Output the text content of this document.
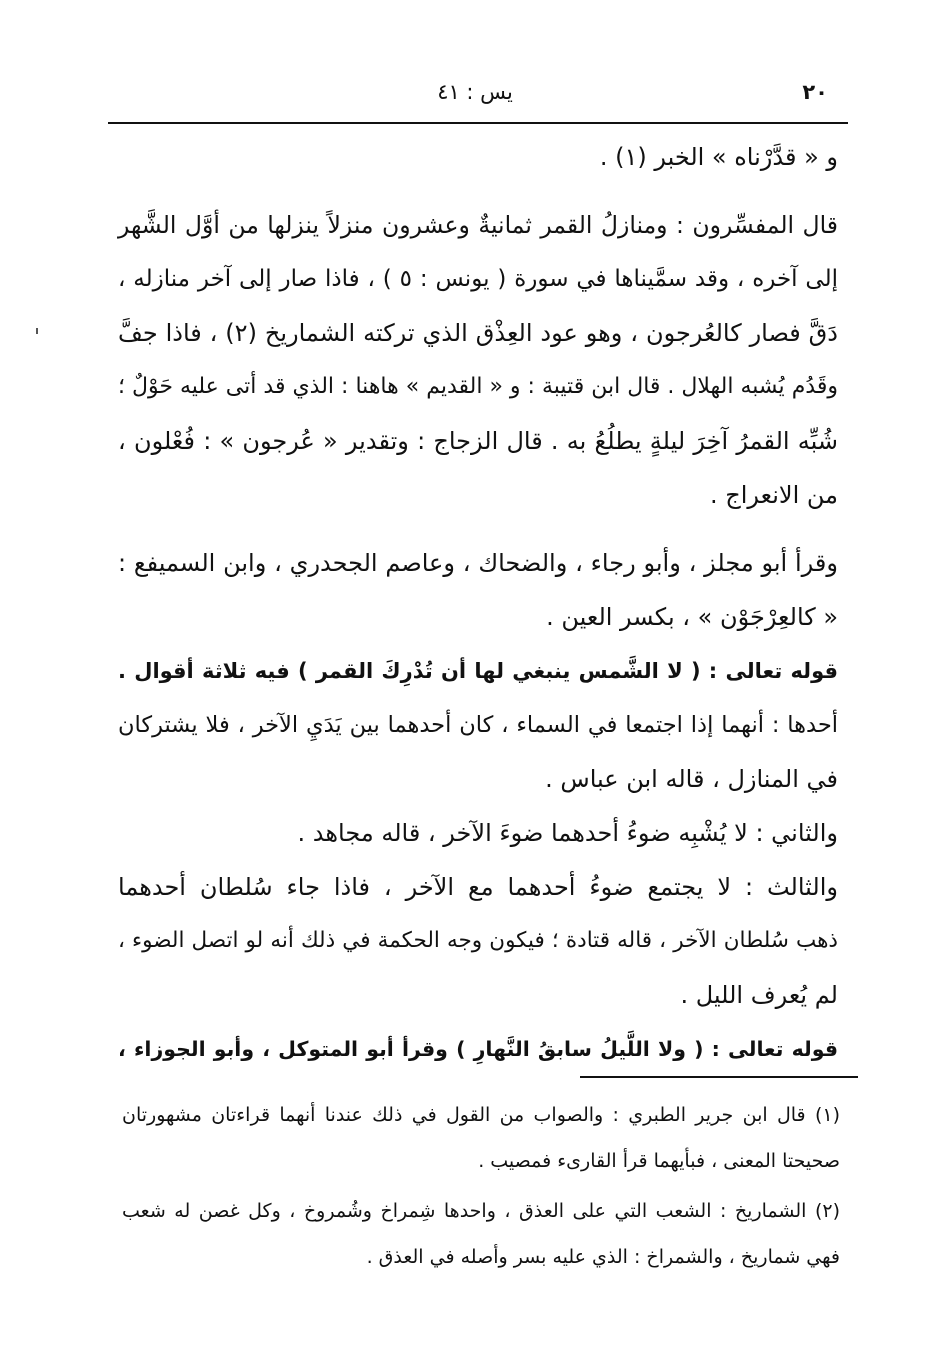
٢٠
يس : ٤١
و « قدَّرْناه » الخبر (١) .
قال المفسِّرون : ومنازلُ القمر ثمانيةٌ وعشرون منزلاً ينزلها من أوَّل الشَّهر
إلى آخره ، وقد سمَّيناها في سورة ( يونس : ٥ ) ، فاذا صار إلى آخر منازله ،
دَقَّ فصار كالعُرجون ، وهو عود العِذْق الذي تركته الشماريخ (٢) ، فاذا جفَّ
وقَدُم يُشبه الهلال . قال ابن قتيبة : و « القديم » هاهنا : الذي قد أتى عليه حَوْلٌ ؛
شُبِّه القمرُ آخِرَ ليلةٍ يطلُعُ به . قال الزجاج : وتقدير « عُرجون » : فُعْلون ،
من الانعراج .
وقرأ أبو مجلز ، وأبو رجاء ، والضحاك ، وعاصم الجحدري ، وابن السميفع :
« كالعِرْجَوْن » ، بكسر العين .
قوله تعالى : ( لا الشَّمس ينبغي لها أن تُدْرِكَ القمر ) فيه ثلاثة أقوال .
أحدها : أنهما إذا اجتمعا في السماء ، كان أحدهما بين يَدَيِ الآخر ، فلا يشتركان
في المنازل ، قاله ابن عباس .
والثاني : لا يُشْبِه ضوءُ أحدهما ضوءَ الآخر ، قاله مجاهد .
والثالث : لا يجتمع ضوءُ أحدهما مع الآخر ، فاذا جاء سُلطان أحدهما
ذهب سُلطان الآخر ، قاله قتادة ؛ فيكون وجه الحكمة في ذلك أنه لو اتصل الضوء ،
لم يُعرف الليل .
قوله تعالى : ( ولا اللَّيلُ سابقُ النَّهارِ ) وقرأ أبو المتوكل ، وأبو الجوزاء ،
(١) قال ابن جرير الطبري : والصواب من القول في ذلك عندنا أنهما قراءتان مشهورتان
صحيحتا المعنى ، فبأيهما قرأ القارىء فمصيب .
(٢) الشماريخ : الشعب التي على العذق ، واحدها شِمراخ وشُمروخ ، وكل غصن له شعب
فهي شماريخ ، والشمراخ : الذي عليه بسر وأصله في العذق .
